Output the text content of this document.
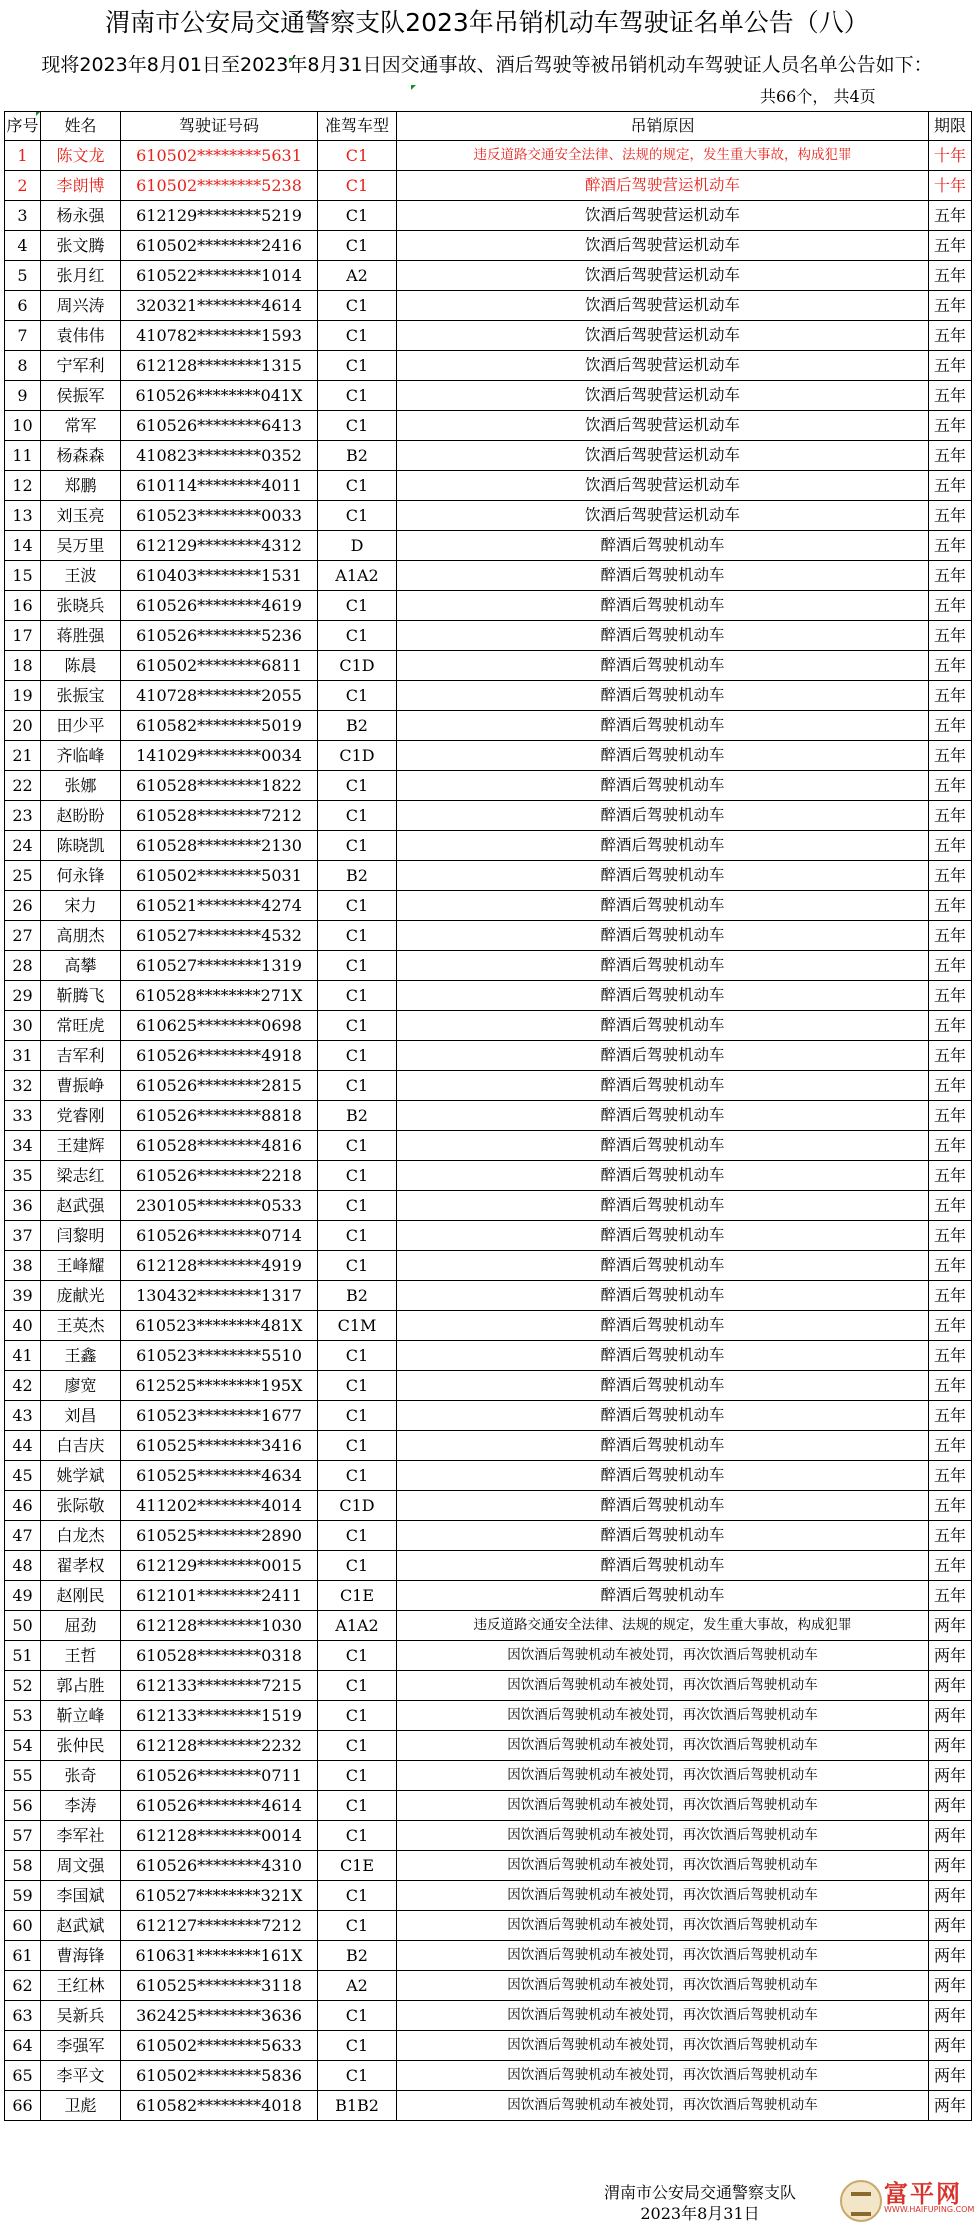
渭南市公安局交通警察支队2023年吊销机动车驾驶证名单公告（八）
现将2023年8月01日至2023年8月31日因交通事故、酒后驾驶等被吊销机动车驾驶证人员名单公告如下：
共66个， 共4页
序号	姓名	驾驶证号码	准驾车型	吊销原因	期限
1	陈文龙	610502********5631	C1	违反道路交通安全法律、法规的规定，发生重大事故，构成犯罪	十年
2	李朗博	610502********5238	C1	醉酒后驾驶营运机动车	十年
3	杨永强	612129********5219	C1	饮酒后驾驶营运机动车	五年
4	张文腾	610502********2416	C1	饮酒后驾驶营运机动车	五年
5	张月红	610522********1014	A2	饮酒后驾驶营运机动车	五年
6	周兴涛	320321********4614	C1	饮酒后驾驶营运机动车	五年
7	袁伟伟	410782********1593	C1	饮酒后驾驶营运机动车	五年
8	宁军利	612128********1315	C1	饮酒后驾驶营运机动车	五年
9	侯振军	610526********041X	C1	饮酒后驾驶营运机动车	五年
10	常军	610526********6413	C1	饮酒后驾驶营运机动车	五年
11	杨森森	410823********0352	B2	饮酒后驾驶营运机动车	五年
12	郑鹏	610114********4011	C1	饮酒后驾驶营运机动车	五年
13	刘玉亮	610523********0033	C1	饮酒后驾驶营运机动车	五年
14	吴万里	612129********4312	D	醉酒后驾驶机动车	五年
15	王波	610403********1531	A1A2	醉酒后驾驶机动车	五年
16	张晓兵	610526********4619	C1	醉酒后驾驶机动车	五年
17	蒋胜强	610526********5236	C1	醉酒后驾驶机动车	五年
18	陈晨	610502********6811	C1D	醉酒后驾驶机动车	五年
19	张振宝	410728********2055	C1	醉酒后驾驶机动车	五年
20	田少平	610582********5019	B2	醉酒后驾驶机动车	五年
21	齐临峰	141029********0034	C1D	醉酒后驾驶机动车	五年
22	张娜	610528********1822	C1	醉酒后驾驶机动车	五年
23	赵盼盼	610528********7212	C1	醉酒后驾驶机动车	五年
24	陈晓凯	610528********2130	C1	醉酒后驾驶机动车	五年
25	何永锋	610502********5031	B2	醉酒后驾驶机动车	五年
26	宋力	610521********4274	C1	醉酒后驾驶机动车	五年
27	高朋杰	610527********4532	C1	醉酒后驾驶机动车	五年
28	高攀	610527********1319	C1	醉酒后驾驶机动车	五年
29	靳腾飞	610528********271X	C1	醉酒后驾驶机动车	五年
30	常旺虎	610625********0698	C1	醉酒后驾驶机动车	五年
31	吉军利	610526********4918	C1	醉酒后驾驶机动车	五年
32	曹振峥	610526********2815	C1	醉酒后驾驶机动车	五年
33	党睿刚	610526********8818	B2	醉酒后驾驶机动车	五年
34	王建辉	610528********4816	C1	醉酒后驾驶机动车	五年
35	梁志红	610526********2218	C1	醉酒后驾驶机动车	五年
36	赵武强	230105********0533	C1	醉酒后驾驶机动车	五年
37	闫黎明	610526********0714	C1	醉酒后驾驶机动车	五年
38	王峰耀	612128********4919	C1	醉酒后驾驶机动车	五年
39	庞献光	130432********1317	B2	醉酒后驾驶机动车	五年
40	王英杰	610523********481X	C1M	醉酒后驾驶机动车	五年
41	王鑫	610523********5510	C1	醉酒后驾驶机动车	五年
42	廖宽	612525********195X	C1	醉酒后驾驶机动车	五年
43	刘昌	610523********1677	C1	醉酒后驾驶机动车	五年
44	白吉庆	610525********3416	C1	醉酒后驾驶机动车	五年
45	姚学斌	610525********4634	C1	醉酒后驾驶机动车	五年
46	张际敬	411202********4014	C1D	醉酒后驾驶机动车	五年
47	白龙杰	610525********2890	C1	醉酒后驾驶机动车	五年
48	翟孝权	612129********0015	C1	醉酒后驾驶机动车	五年
49	赵刚民	612101********2411	C1E	醉酒后驾驶机动车	五年
50	屈劲	612128********1030	A1A2	违反道路交通安全法律、法规的规定，发生重大事故，构成犯罪	两年
51	王哲	610528********0318	C1	因饮酒后驾驶机动车被处罚，再次饮酒后驾驶机动车	两年
52	郭占胜	612133********7215	C1	因饮酒后驾驶机动车被处罚，再次饮酒后驾驶机动车	两年
53	靳立峰	612133********1519	C1	因饮酒后驾驶机动车被处罚，再次饮酒后驾驶机动车	两年
54	张仲民	612128********2232	C1	因饮酒后驾驶机动车被处罚，再次饮酒后驾驶机动车	两年
55	张奇	610526********0711	C1	因饮酒后驾驶机动车被处罚，再次饮酒后驾驶机动车	两年
56	李涛	610526********4614	C1	因饮酒后驾驶机动车被处罚，再次饮酒后驾驶机动车	两年
57	李军社	612128********0014	C1	因饮酒后驾驶机动车被处罚，再次饮酒后驾驶机动车	两年
58	周文强	610526********4310	C1E	因饮酒后驾驶机动车被处罚，再次饮酒后驾驶机动车	两年
59	李国斌	610527********321X	C1	因饮酒后驾驶机动车被处罚，再次饮酒后驾驶机动车	两年
60	赵武斌	612127********7212	C1	因饮酒后驾驶机动车被处罚，再次饮酒后驾驶机动车	两年
61	曹海锋	610631********161X	B2	因饮酒后驾驶机动车被处罚，再次饮酒后驾驶机动车	两年
62	王红林	610525********3118	A2	因饮酒后驾驶机动车被处罚，再次饮酒后驾驶机动车	两年
63	吴新兵	362425********3636	C1	因饮酒后驾驶机动车被处罚，再次饮酒后驾驶机动车	两年
64	李强军	610502********5633	C1	因饮酒后驾驶机动车被处罚，再次饮酒后驾驶机动车	两年
65	李平文	610502********5836	C1	因饮酒后驾驶机动车被处罚，再次饮酒后驾驶机动车	两年
66	卫彪	610582********4018	B1B2	因饮酒后驾驶机动车被处罚，再次饮酒后驾驶机动车	两年
渭南市公安局交通警察支队
2023年8月31日
富平网
WWW.HAIFUPING.COM
